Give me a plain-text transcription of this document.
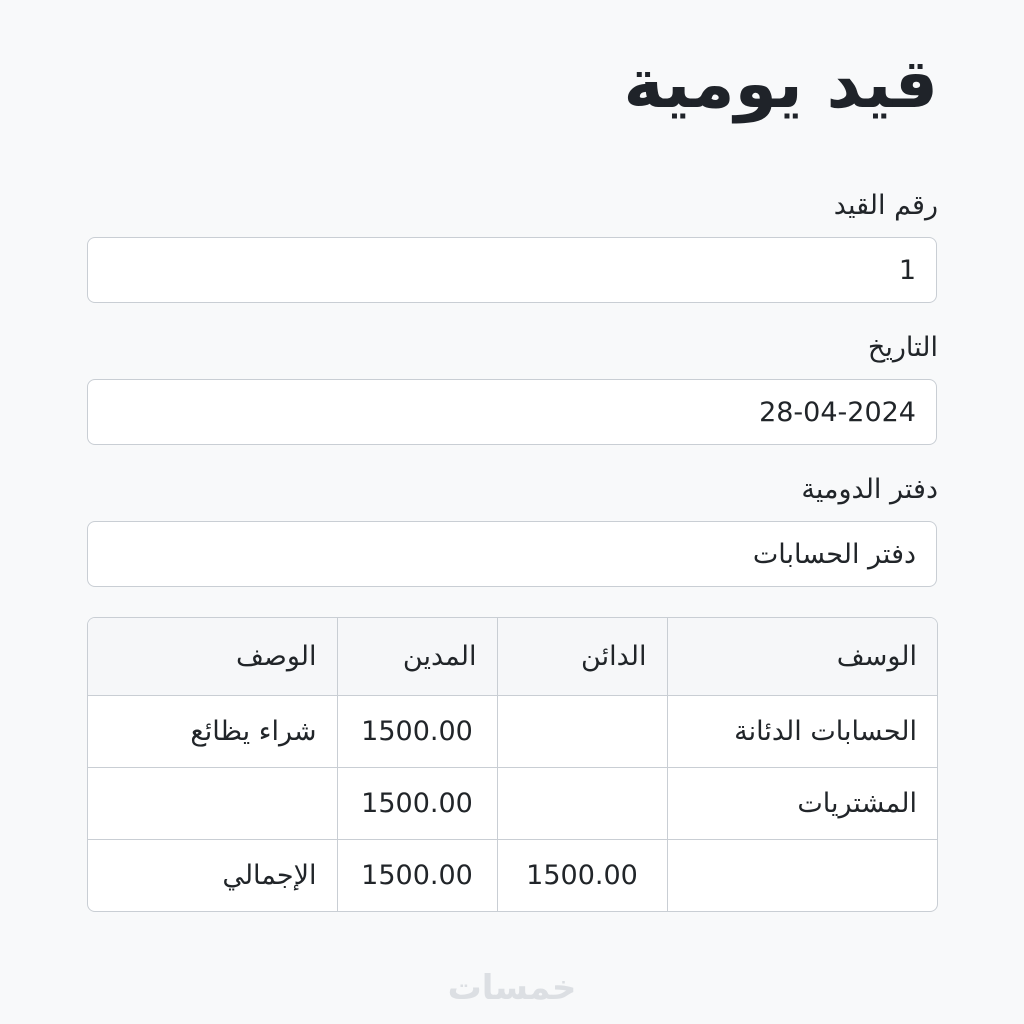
قيد يومية
رقم القيد
1
التاريخ
28-04-2024
دفتر الدومية
دفتر الحسابات
الوسف	الدائن	المدين	الوصف
الحسابات الدئانة		1500.00	شراء يظائع
المشتريات		1500.00	
	1500.00	1500.00	الإجمالي
خمسات
